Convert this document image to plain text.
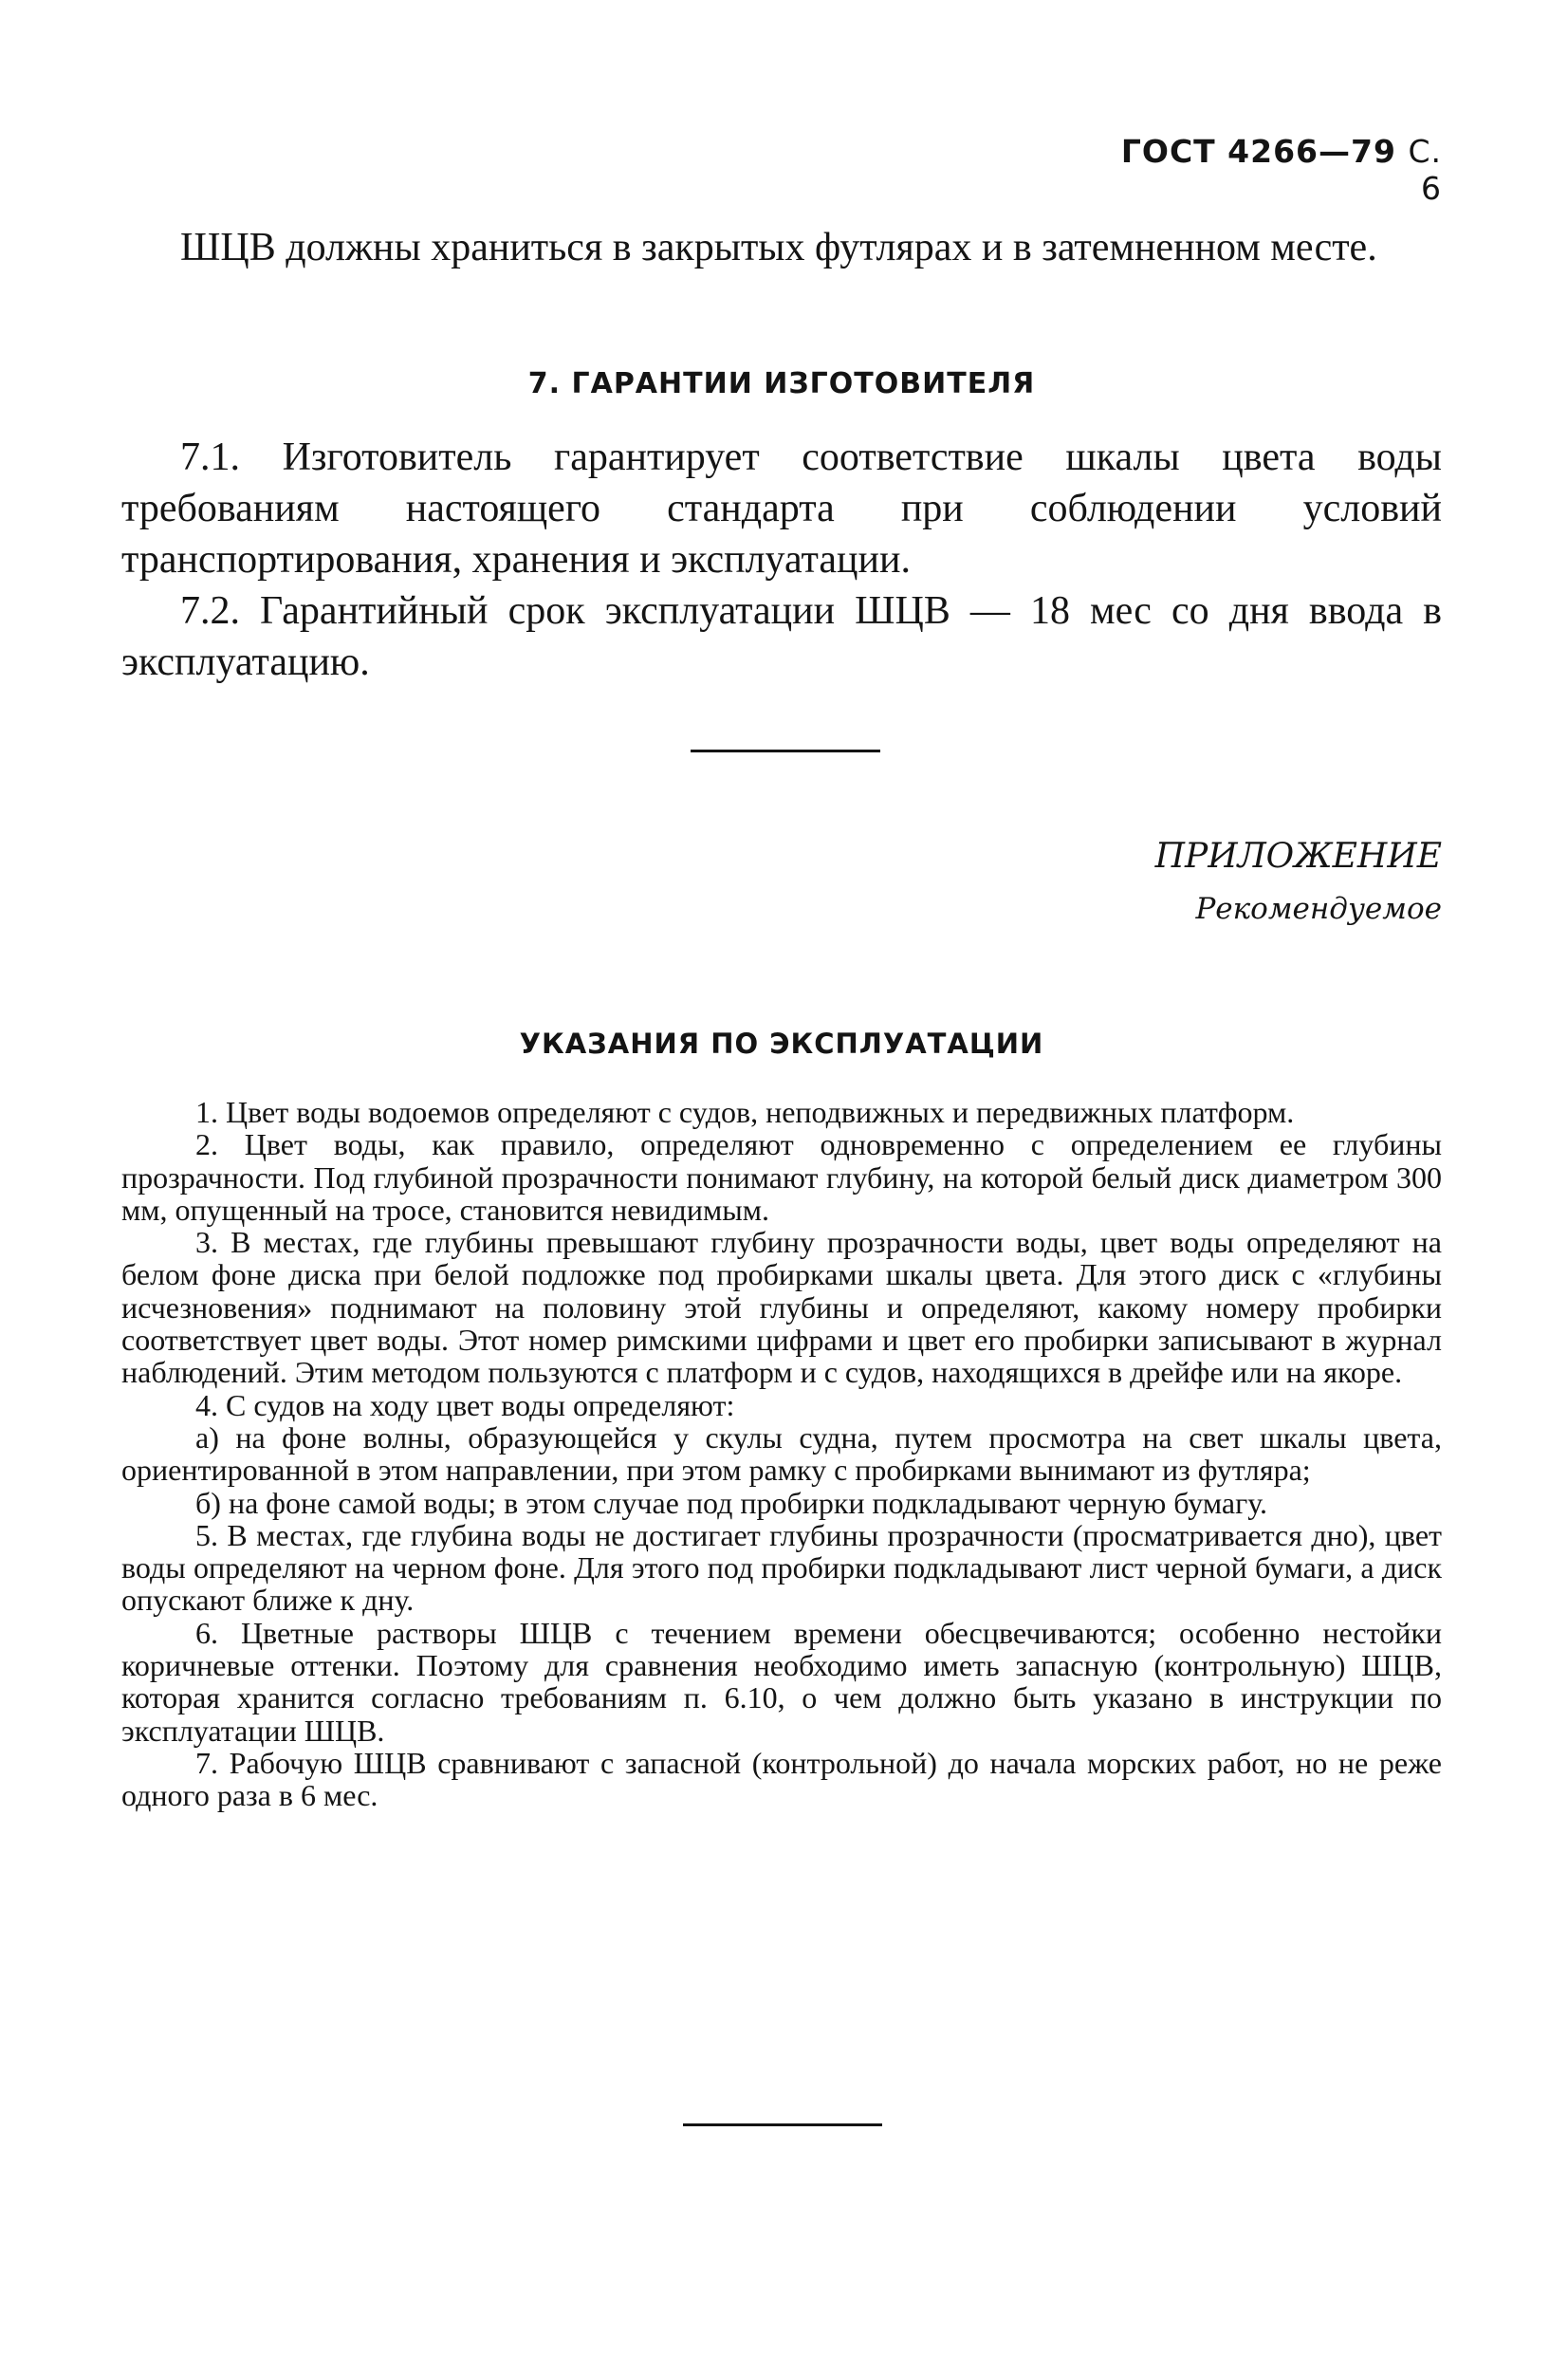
ГОСТ 4266—79 С. 6

ШЦВ должны храниться в закрытых футлярах и в затемненном месте.

7. ГАРАНТИИ ИЗГОТОВИТЕЛЯ

7.1. Изготовитель гарантирует соответствие шкалы цвета воды требованиям настоящего стандарта при соблюдении условий транспортирования, хранения и эксплуатации.

7.2. Гарантийный срок эксплуатации ШЦВ — 18 мес со дня ввода в эксплуатацию.

ПРИЛОЖЕНИЕ
Рекомендуемое
УКАЗАНИЯ ПО ЭКСПЛУАТАЦИИ

1. Цвет воды водоемов определяют с судов, неподвижных и передвижных платформ.

2. Цвет воды, как правило, определяют одновременно с определением ее глубины прозрачности. Под глубиной прозрачности понимают глубину, на которой белый диск диаметром 300 мм, опущенный на тросе, становится невидимым.

3. В местах, где глубины превышают глубину прозрачности воды, цвет воды определяют на белом фоне диска при белой подложке под пробирками шкалы цвета. Для этого диск с «глубины исчезновения» поднимают на половину этой глубины и определяют, какому номеру пробирки соответствует цвет воды. Этот номер римскими цифрами и цвет его пробирки записывают в журнал наблюдений. Этим методом пользуются с платформ и с судов, находящихся в дрейфе или на якоре.

4. С судов на ходу цвет воды определяют:

а) на фоне волны, образующейся у скулы судна, путем просмотра на свет шкалы цвета, ориентированной в этом направлении, при этом рамку с пробирками вынимают из футляра;

б) на фоне самой воды; в этом случае под пробирки подкладывают черную бумагу.

5. В местах, где глубина воды не достигает глубины прозрачности (просматривается дно), цвет воды определяют на черном фоне. Для этого под пробирки подкладывают лист черной бумаги, а диск опускают ближе к дну.

6. Цветные растворы ШЦВ с течением времени обесцвечиваются; особенно нестойки коричневые оттенки. Поэтому для сравнения необходимо иметь запасную (контрольную) ШЦВ, которая хранится согласно требованиям п. 6.10, о чем должно быть указано в инструкции по эксплуатации ШЦВ.

7. Рабочую ШЦВ сравнивают с запасной (контрольной) до начала морских работ, но не реже одного раза в 6 мес.
